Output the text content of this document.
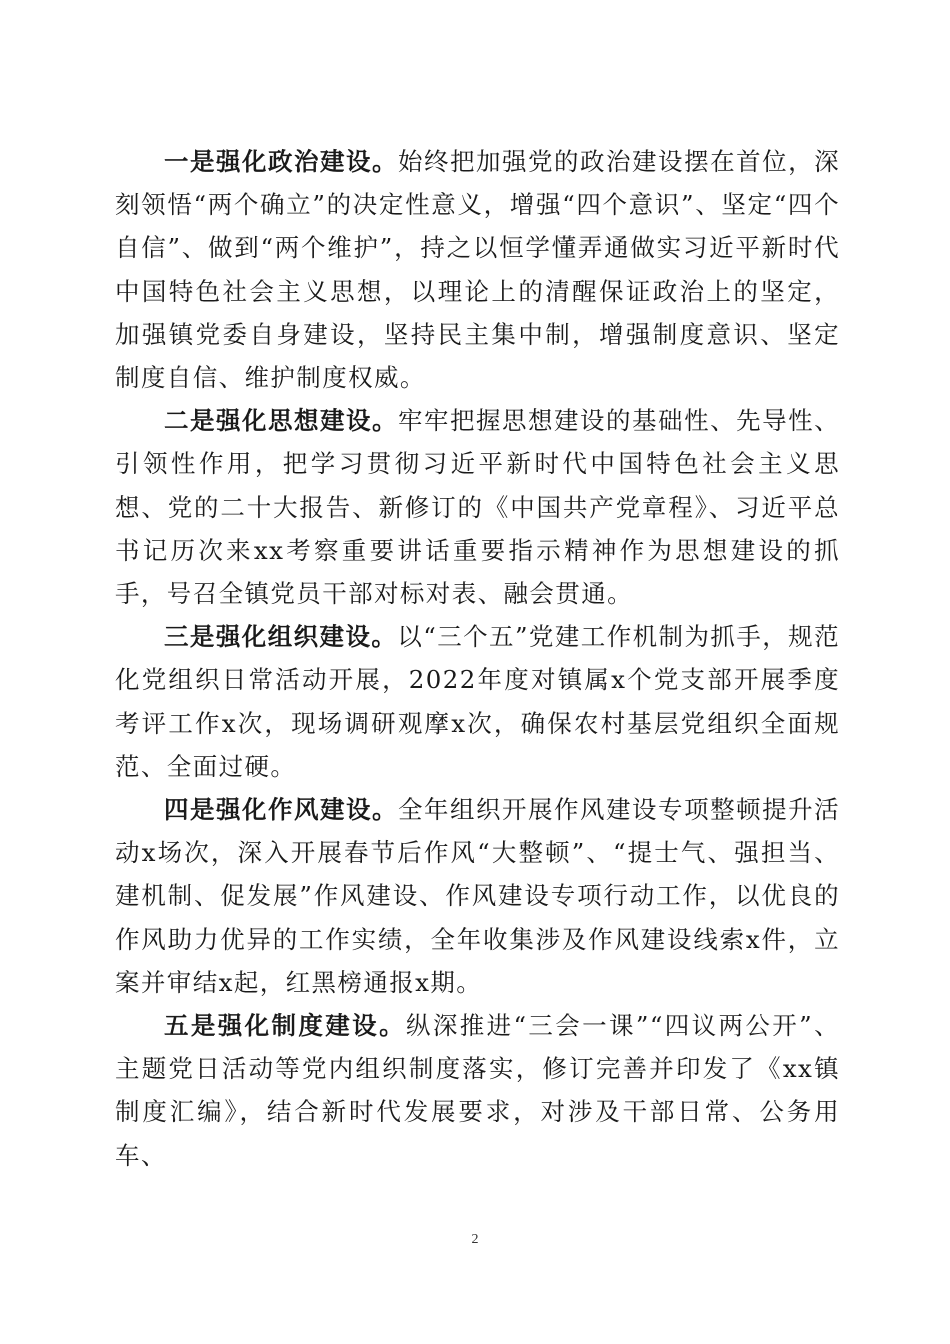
一是强化政治建设。始终把加强党的政治建设摆在首位，深刻领悟“两个确立”的决定性意义，增强“四个意识”、坚定“四个自信”、做到“两个维护”，持之以恒学懂弄通做实习近平新时代中国特色社会主义思想，以理论上的清醒保证政治上的坚定，加强镇党委自身建设，坚持民主集中制，增强制度意识、坚定制度自信、维护制度权威。

二是强化思想建设。牢牢把握思想建设的基础性、先导性、引领性作用，把学习贯彻习近平新时代中国特色社会主义思想、党的二十大报告、新修订的《中国共产党章程》、习近平总书记历次来xx考察重要讲话重要指示精神作为思想建设的抓手，号召全镇党员干部对标对表、融会贯通。

三是强化组织建设。以“三个五”党建工作机制为抓手，规范化党组织日常活动开展，2022年度对镇属x个党支部开展季度考评工作x次，现场调研观摩x次，确保农村基层党组织全面规范、全面过硬。

四是强化作风建设。全年组织开展作风建设专项整顿提升活动x场次，深入开展春节后作风“大整顿”、“提士气、强担当、建机制、促发展”作风建设、作风建设专项行动工作，以优良的作风助力优异的工作实绩，全年收集涉及作风建设线索x件，立案并审结x起，红黑榜通报x期。

五是强化制度建设。纵深推进“三会一课”“四议两公开”、主题党日活动等党内组织制度落实，修订完善并印发了《xx镇制度汇编》，结合新时代发展要求，对涉及干部日常、公务用车、

2
